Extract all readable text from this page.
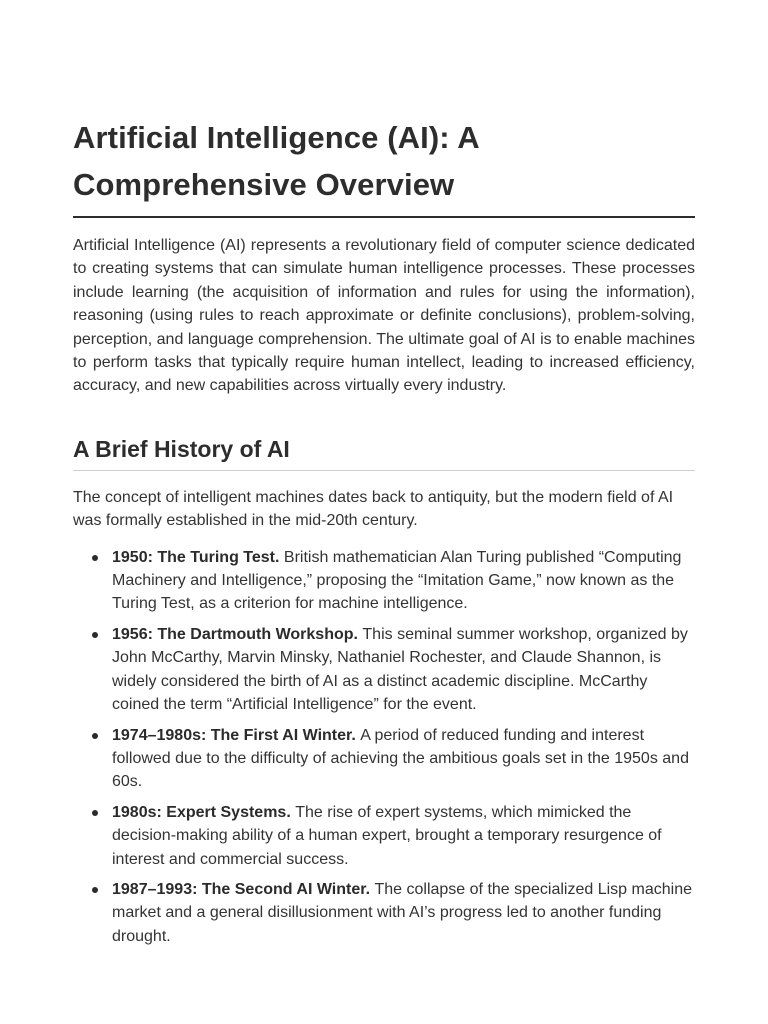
Artificial Intelligence (AI): A Comprehensive Overview

Artificial Intelligence (AI) represents a revolutionary field of computer science dedicated to creating systems that can simulate human intelligence processes. These processes include learning (the acquisition of information and rules for using the information), reasoning (using rules to reach approximate or definite conclusions), problem-solving, perception, and language comprehension. The ultimate goal of AI is to enable machines to perform tasks that typically require human intellect, leading to increased efficiency, accuracy, and new capabilities across virtually every industry.

A Brief History of AI

The concept of intelligent machines dates back to antiquity, but the modern field of AI was formally established in the mid-20th century.

1950: The Turing Test. British mathematician Alan Turing published “Computing Machinery and Intelligence,” proposing the “Imitation Game,” now known as the Turing Test, as a criterion for machine intelligence.
1956: The Dartmouth Workshop. This seminal summer workshop, organized by John McCarthy, Marvin Minsky, Nathaniel Rochester, and Claude Shannon, is widely considered the birth of AI as a distinct academic discipline. McCarthy coined the term “Artificial Intelligence” for the event.
1974–1980s: The First AI Winter. A period of reduced funding and interest followed due to the difficulty of achieving the ambitious goals set in the 1950s and 60s.
1980s: Expert Systems. The rise of expert systems, which mimicked the decision-making ability of a human expert, brought a temporary resurgence of interest and commercial success.
1987–1993: The Second AI Winter. The collapse of the specialized Lisp machine market and a general disillusionment with AI’s progress led to another funding drought.
